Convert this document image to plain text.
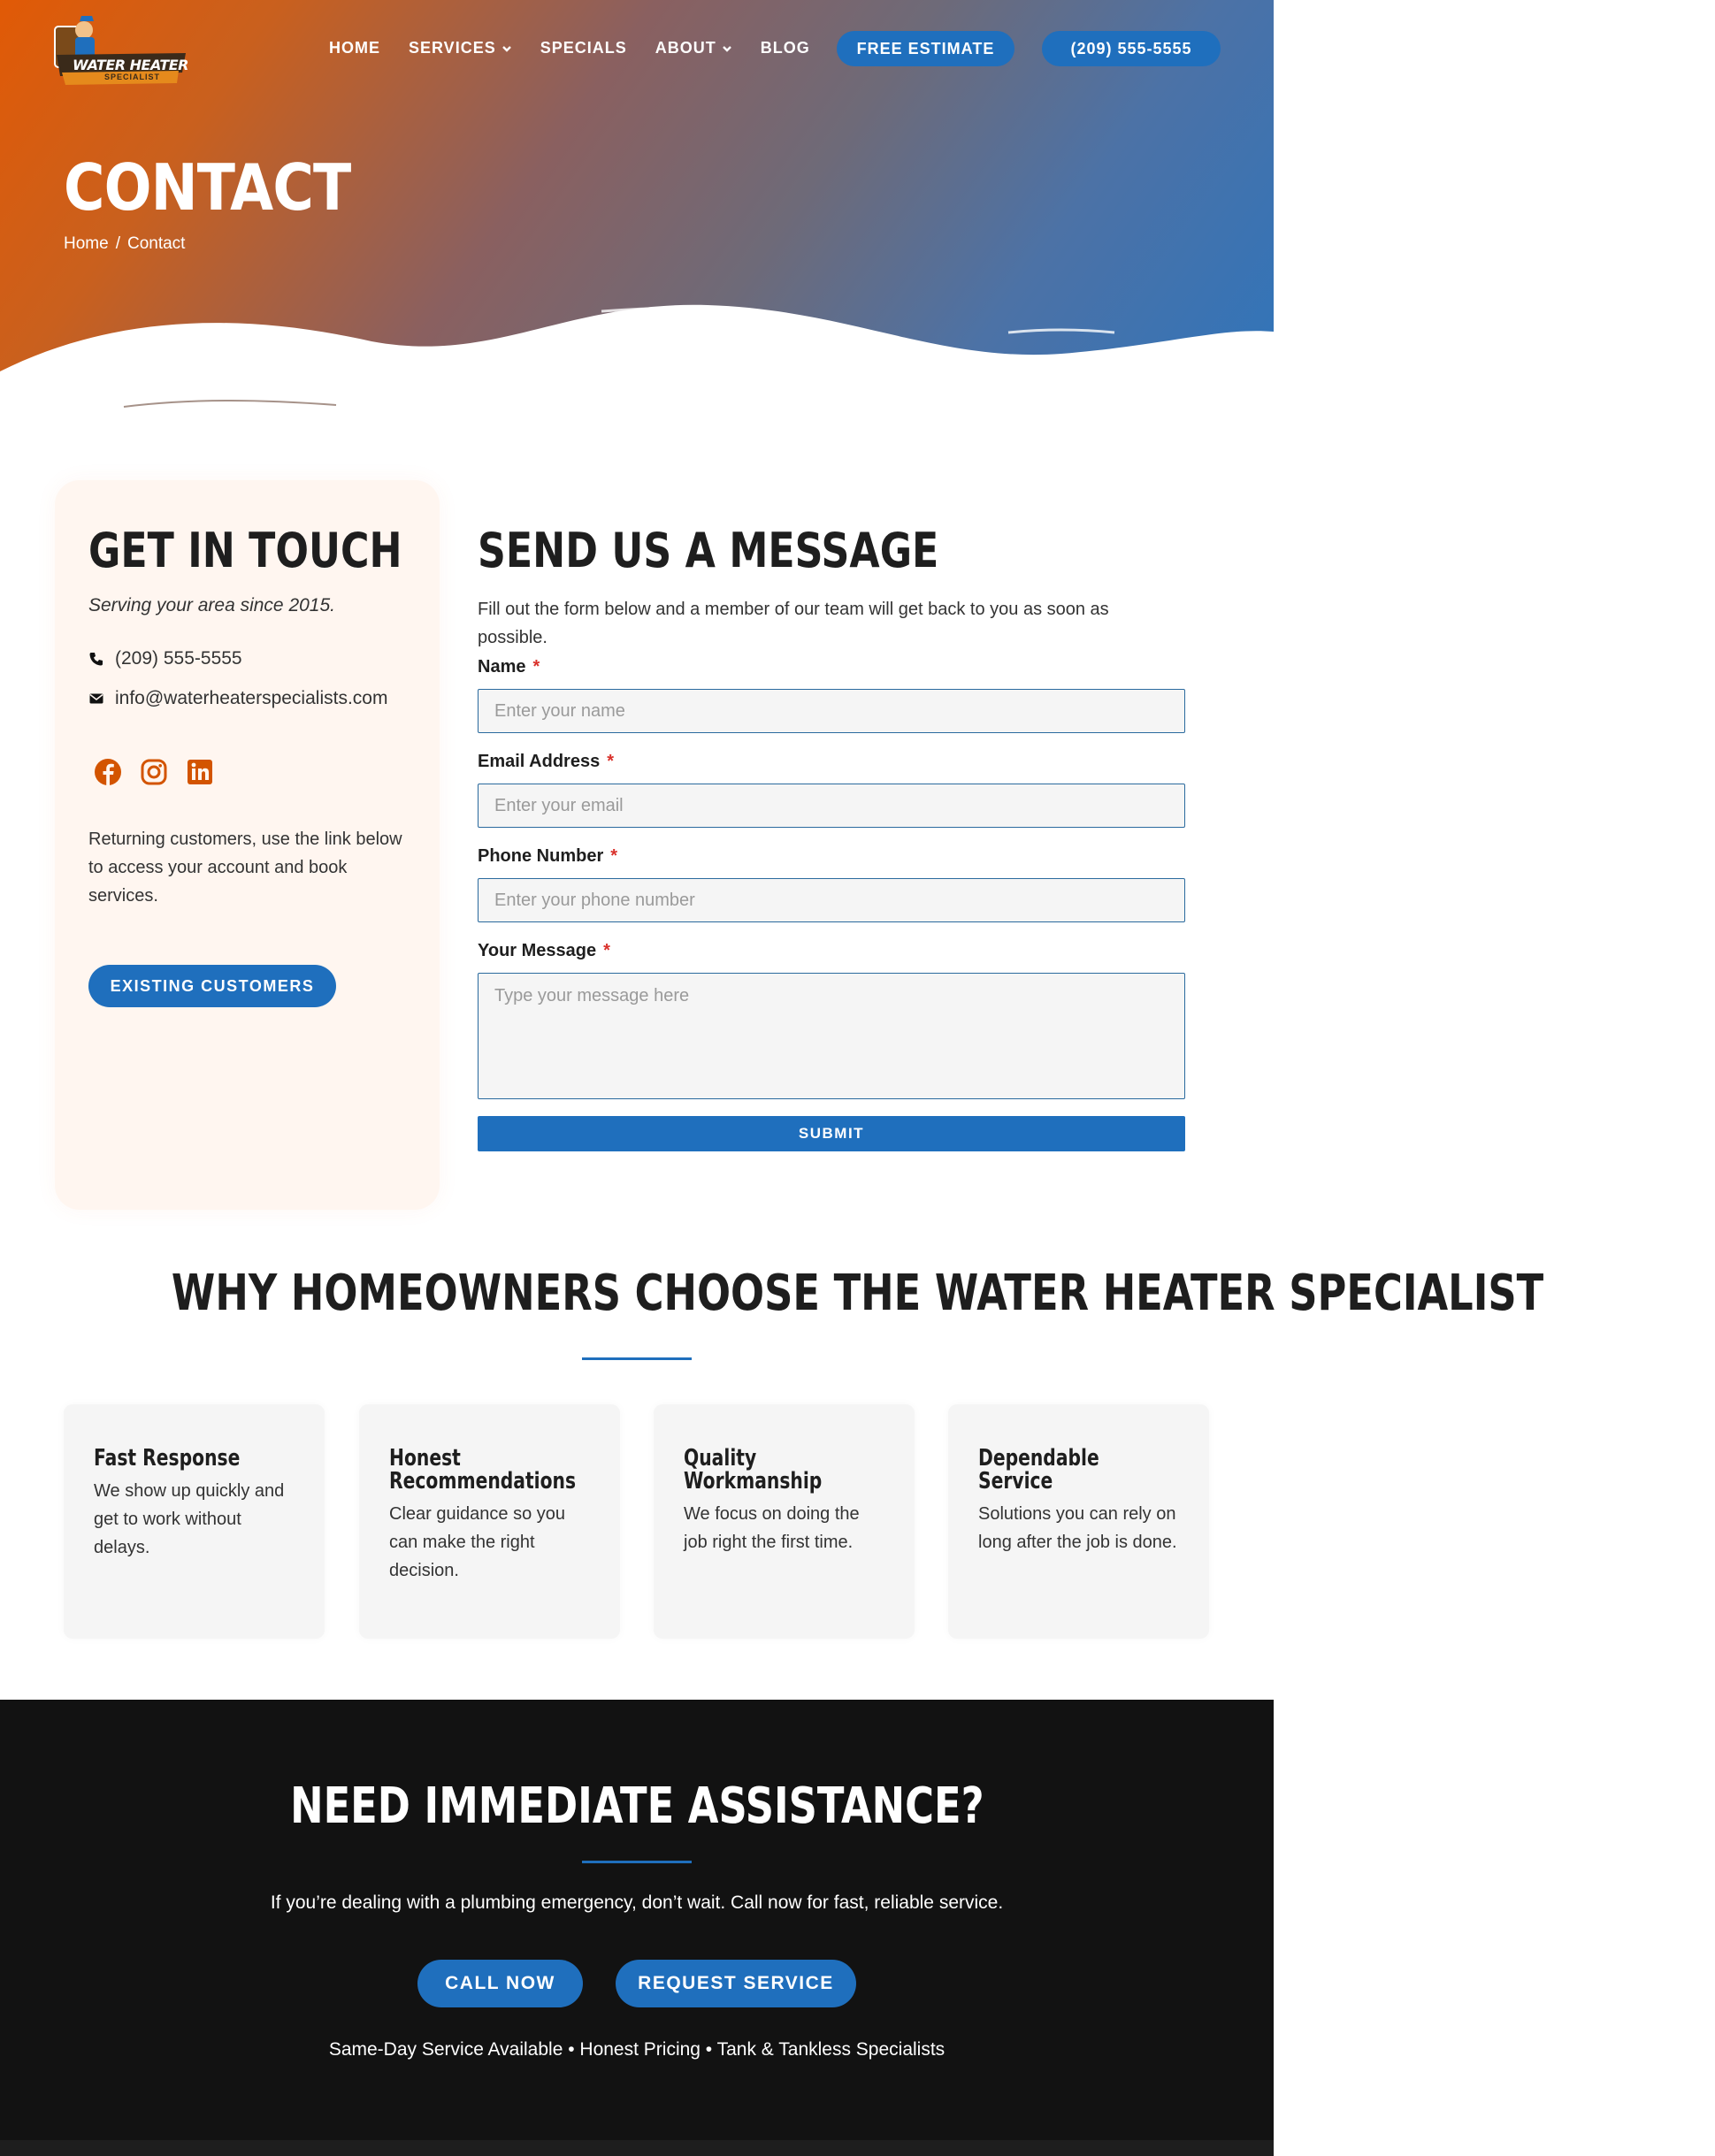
WATER HEATER
SPECIALIST
HOME SERVICES	SPECIALS ABOUT	BLOG	FREE ESTIMATE	(209) 555-5555
CONTACT
Home / Contact
GET IN TOUCH

Serving your area since 2015.

(209) 555-5555
info@waterheaterspecialists.com

Returning customers, use the link below to access your account and book services.

EXISTING CUSTOMERS
SEND US A MESSAGE

Fill out the form below and a member of our team will get back to you as soon as possible.

Name *
Enter your name
Email Address *
Enter your email
Phone Number *
Enter your phone number
Your Message *
Type your message here
SUBMIT
WHY HOMEOWNERS CHOOSE THE WATER HEATER SPECIALIST
Fast Response

We show up quickly and get to work without delays.

Honest Recommendations

Clear guidance so you can make the right decision.

Quality Workmanship

We focus on doing the job right the first time.

Dependable Service

Solutions you can rely on long after the job is done.

NEED IMMEDIATE ASSISTANCE?

If you’re dealing with a plumbing emergency, don’t wait. Call now for fast, reliable service.

CALL NOW	REQUEST SERVICE

Same-Day Service Available • Honest Pricing • Tank & Tankless Specialists
